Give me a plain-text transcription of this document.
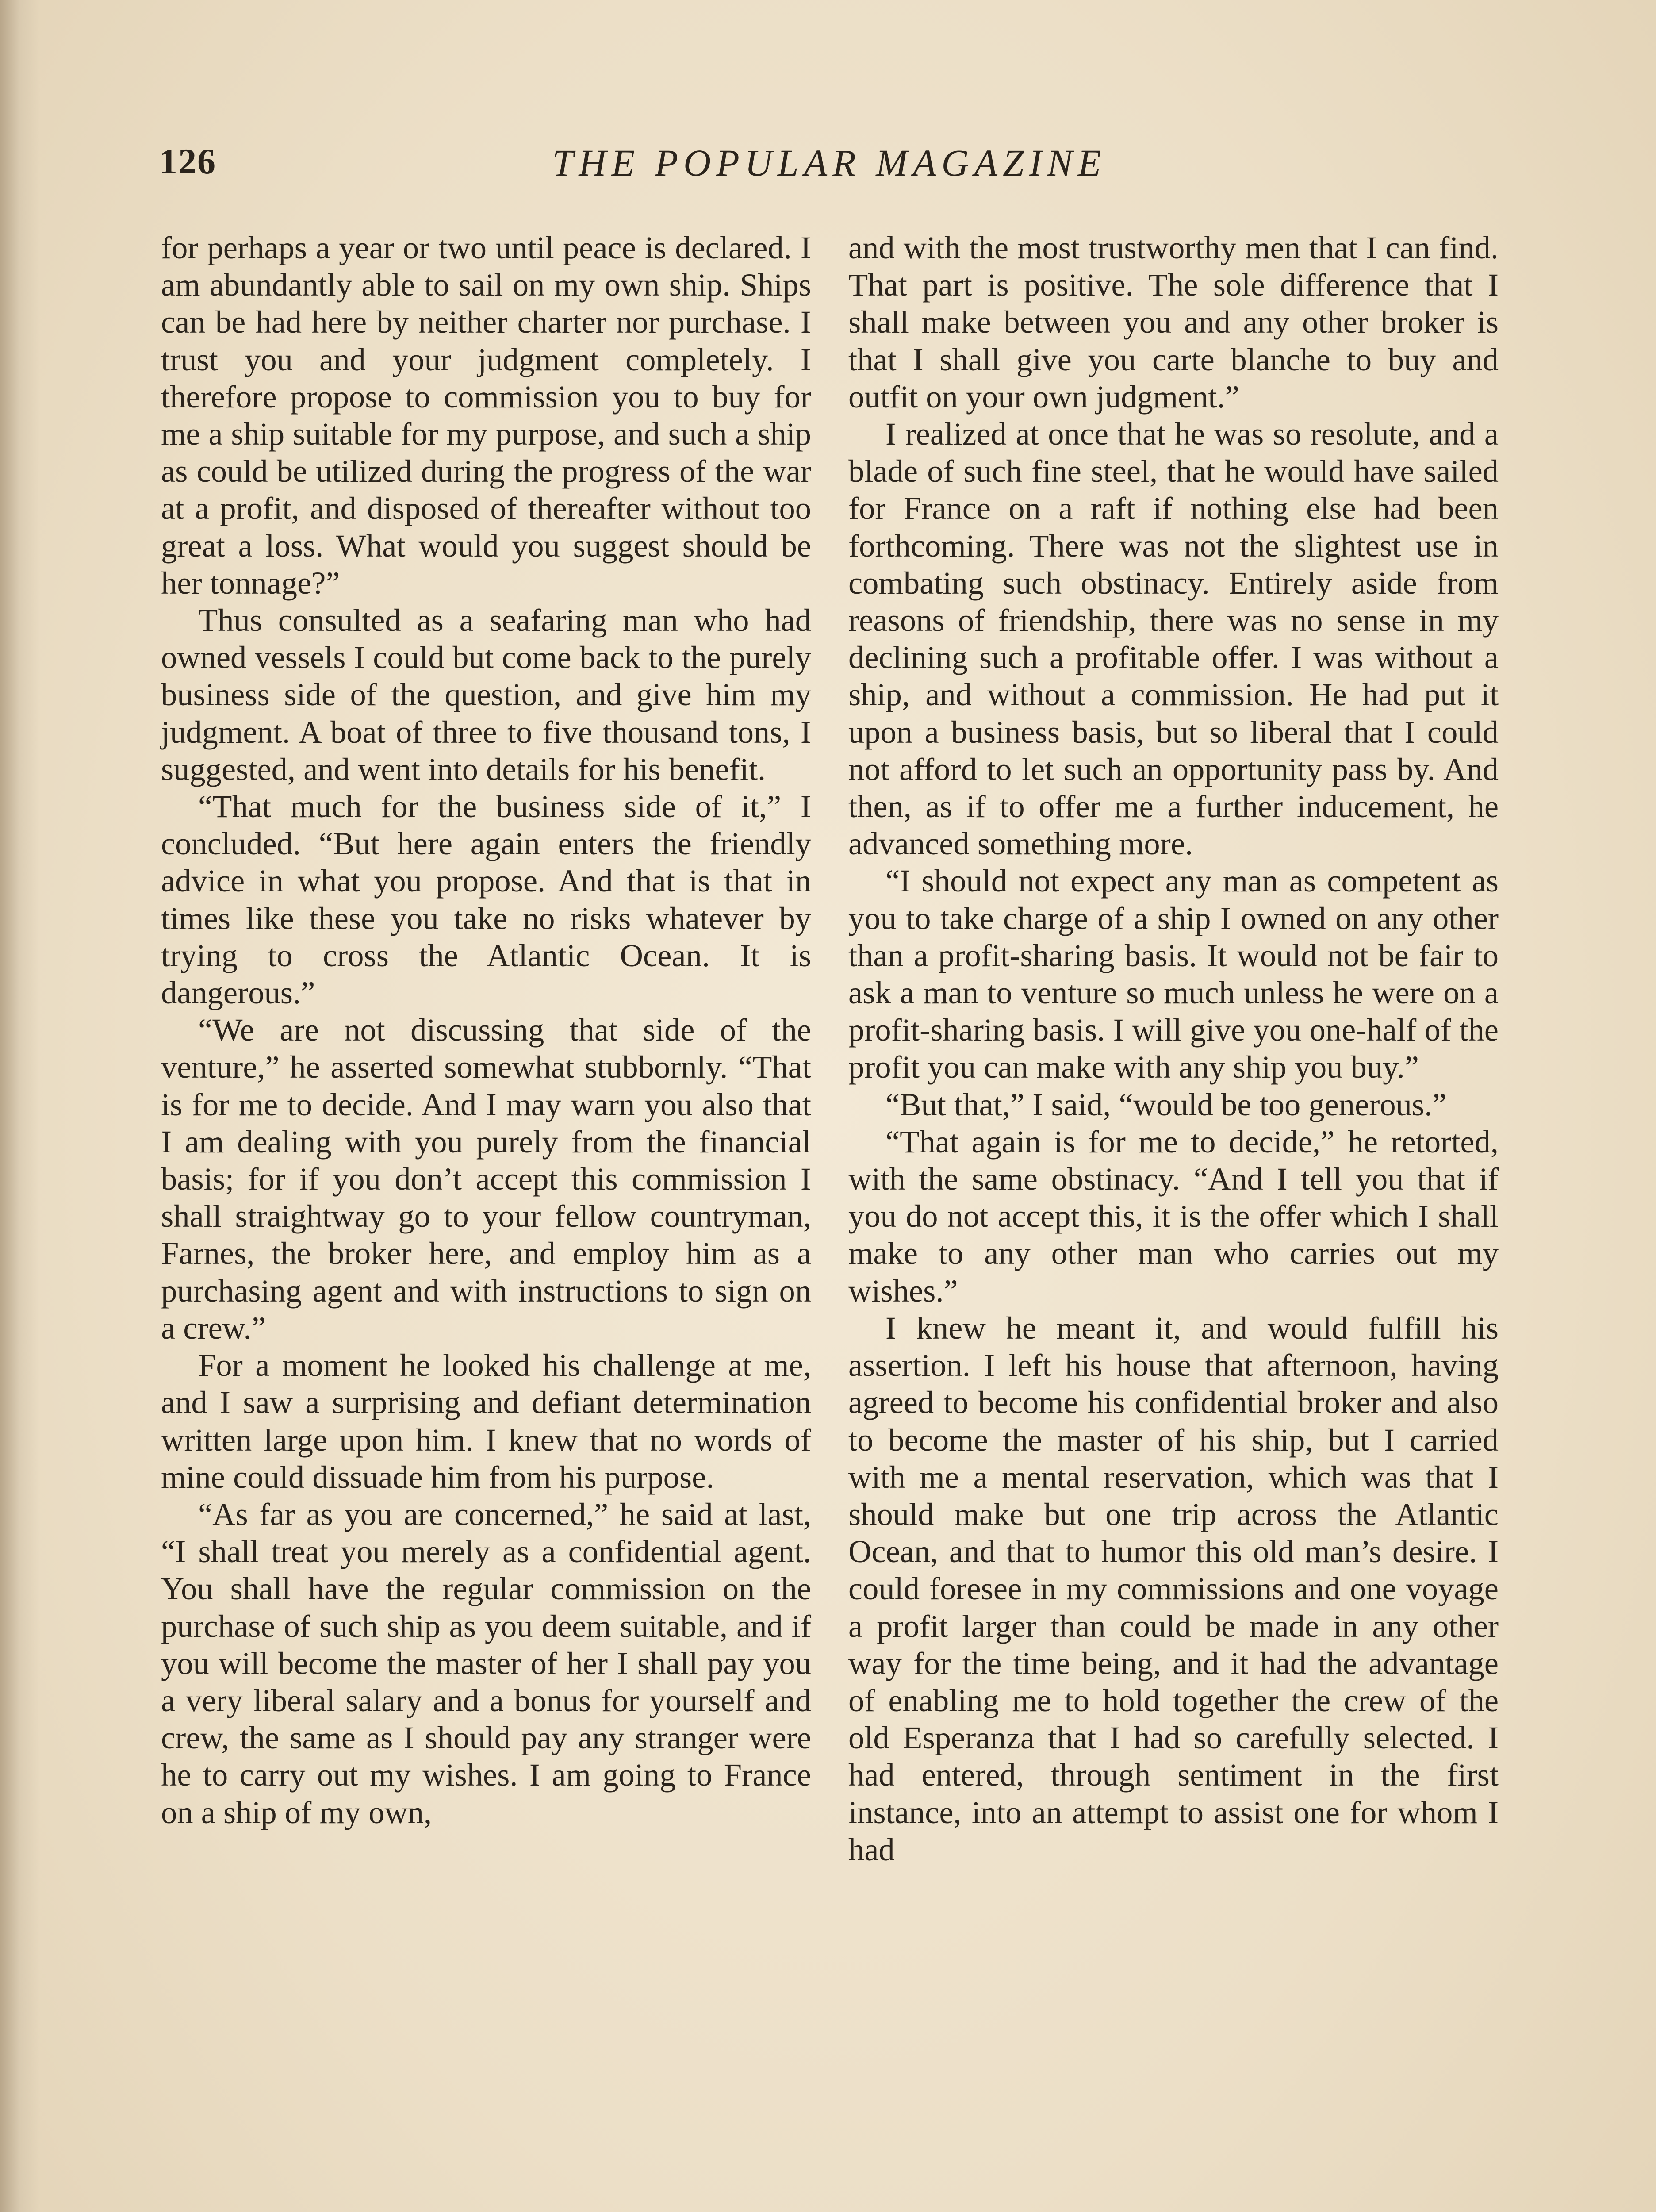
THE POPULAR MAGAZINE
126

for perhaps a year or two until peace is declared. I am abundantly able to sail on my own ship. Ships can be had here by neither charter nor purchase. I trust you and your judgment completely. I therefore propose to commission you to buy for me a ship suitable for my purpose, and such a ship as could be utilized during the progress of the war at a profit, and disposed of thereafter without too great a loss. What would you suggest should be her tonnage?”

Thus consulted as a seafaring man who had owned vessels I could but come back to the purely business side of the question, and give him my judgment. A boat of three to five thousand tons, I suggested, and went into details for his benefit.

“That much for the business side of it,” I concluded. “But here again enters the friendly advice in what you propose. And that is that in times like these you take no risks whatever by trying to cross the Atlantic Ocean. It is dangerous.”

“We are not discussing that side of the venture,” he asserted somewhat stubbornly. “That is for me to decide. And I may warn you also that I am dealing with you purely from the financial basis; for if you don’t accept this commission I shall straightway go to your fellow countryman, Farnes, the broker here, and employ him as a purchasing agent and with instructions to sign on a crew.”

For a moment he looked his challenge at me, and I saw a surprising and defiant determination written large upon him. I knew that no words of mine could dissuade him from his purpose.

“As far as you are concerned,” he said at last, “I shall treat you merely as a confidential agent. You shall have the regular commission on the purchase of such ship as you deem suitable, and if you will become the master of her I shall pay you a very liberal salary and a bonus for yourself and crew, the same as I should pay any stranger were he to carry out my wishes. I am going to France on a ship of my own,

and with the most trustworthy men that I can find. That part is positive. The sole difference that I shall make between you and any other broker is that I shall give you carte blanche to buy and outfit on your own judgment.”

I realized at once that he was so resolute, and a blade of such fine steel, that he would have sailed for France on a raft if nothing else had been forthcoming. There was not the slightest use in combating such obstinacy. Entirely aside from reasons of friendship, there was no sense in my declining such a profitable offer. I was without a ship, and without a commission. He had put it upon a business basis, but so liberal that I could not afford to let such an opportunity pass by. And then, as if to offer me a further inducement, he advanced something more.

“I should not expect any man as competent as you to take charge of a ship I owned on any other than a profit-sharing basis. It would not be fair to ask a man to venture so much unless he were on a profit-sharing basis. I will give you one-half of the profit you can make with any ship you buy.”

“But that,” I said, “would be too generous.”

“That again is for me to decide,” he retorted, with the same obstinacy. “And I tell you that if you do not accept this, it is the offer which I shall make to any other man who carries out my wishes.”

I knew he meant it, and would fulfill his assertion. I left his house that afternoon, having agreed to become his confidential broker and also to become the master of his ship, but I carried with me a mental reservation, which was that I should make but one trip across the Atlantic Ocean, and that to humor this old man’s desire. I could foresee in my commissions and one voyage a profit larger than could be made in any other way for the time being, and it had the advantage of enabling me to hold together the crew of the old Esperanza that I had so carefully selected. I had entered, through sentiment in the first instance, into an attempt to assist one for whom I had
